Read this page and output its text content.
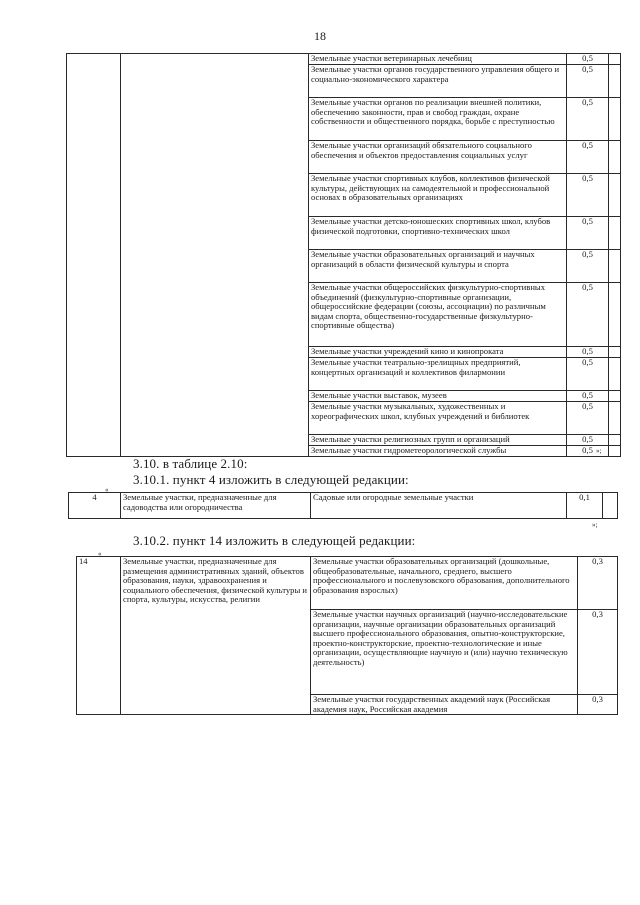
18
		Земельные участки ветеринарных лечебниц	0,5	
		Земельные участки органов государственного управления общего и социально-экономического характера	0,5	
		Земельные участки органов по реализации внешней политики, обеспечению законности, прав и свобод граждан, охране собственности и общественного порядка, борьбе с преступностью	0,5	
		Земельные участки организаций обязательного социального обеспечения и объектов предоставления социальных услуг	0,5	
		Земельные участки спортивных клубов, коллективов физической культуры, действующих на самодеятельной и профессиональной основах в образовательных организациях	0,5	
		Земельные участки детско-юношеских спортивных школ, клубов физической подготовки, спортивно-технических школ	0,5	
		Земельные участки образовательных организаций и научных организаций в области физической культуры и спорта	0,5	
		Земельные участки общероссийских физкультурно-спортивных объединений (физкультурно-спортивные организации, общероссийские федерации (союзы, ассоциации) по различным видам спорта, общественно-государственные физкультурно-спортивные общества)	0,5	
		Земельные участки учреждений кино и кинопроката	0,5	
		Земельные участки театрально-зрелищных предприятий, концертных организаций и коллективов филармонии	0,5	
		Земельные участки выставок, музеев	0,5	
		Земельные участки музыкальных, художественных и хореографических школ, клубных учреждений и библиотек	0,5	
		Земельные участки религиозных групп и организаций	0,5	
		Земельные участки гидрометеорологической службы	0,5	»;
3.10. в таблице 2.10:
3.10.1. пункт 4 изложить в следующей редакции:
«
4	Земельные участки, предназначенные для садоводства или огородничества	Садовые или огородные земельные участки	0,1	
»;
3.10.2. пункт 14 изложить в следующей редакции:
«
14	Земельные участки, предназначенные для размещения административных зданий, объектов образования, науки, здравоохранения и социального обеспечения, физической культуры и спорта, культуры, искусства, религии	Земельные участки образовательных организаций (дошкольные, общеобразовательные, начального, среднего, высшего профессионального и послевузовского образования, дополнительного образования взрослых)	0,3
		Земельные участки научных организаций (научно-исследовательские организации, научные организации образовательных организаций высшего профессионального образования, опытно-конструкторские, проектно-конструкторские, проектно-технологические и иные организации, осуществляющие научную и (или) научно техническую деятельность)	0,3
		Земельные участки государственных академий наук (Российская академия наук, Российская академия	0,3
